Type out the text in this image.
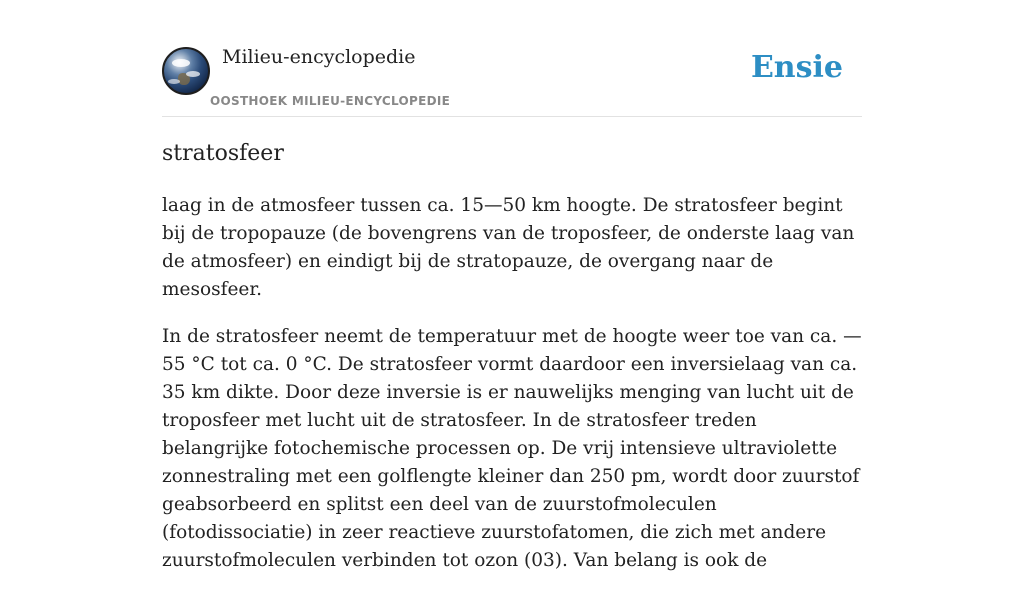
Milieu-encyclopedie
OOSTHOEK MILIEU-ENCYCLOPEDIE
Ensie
stratosfeer

laag in de atmosfeer tussen ca. 15—50 km hoogte. De stratosfeer begint bij de tropopauze (de bovengrens van de troposfeer, de onderste laag van de atmosfeer) en eindigt bij de stratopauze, de overgang naar de mesosfeer.

In de stratosfeer neemt de temperatuur met de hoogte weer toe van ca. —55 °C tot ca. 0 °C. De stratosfeer vormt daardoor een inversielaag van ca. 35 km dikte. Door deze inversie is er nauwelijks menging van lucht uit de troposfeer met lucht uit de stratosfeer. In de stratosfeer treden belangrijke fotochemische processen op. De vrij intensieve ultraviolette zonnestraling met een golflengte kleiner dan 250 pm, wordt door zuurstof geabsorbeerd en splitst een deel van de zuurstofmoleculen (fotodissociatie) in zeer reactieve zuurstofatomen, die zich met andere zuurstofmoleculen verbinden tot ozon (03). Van belang is ook de
